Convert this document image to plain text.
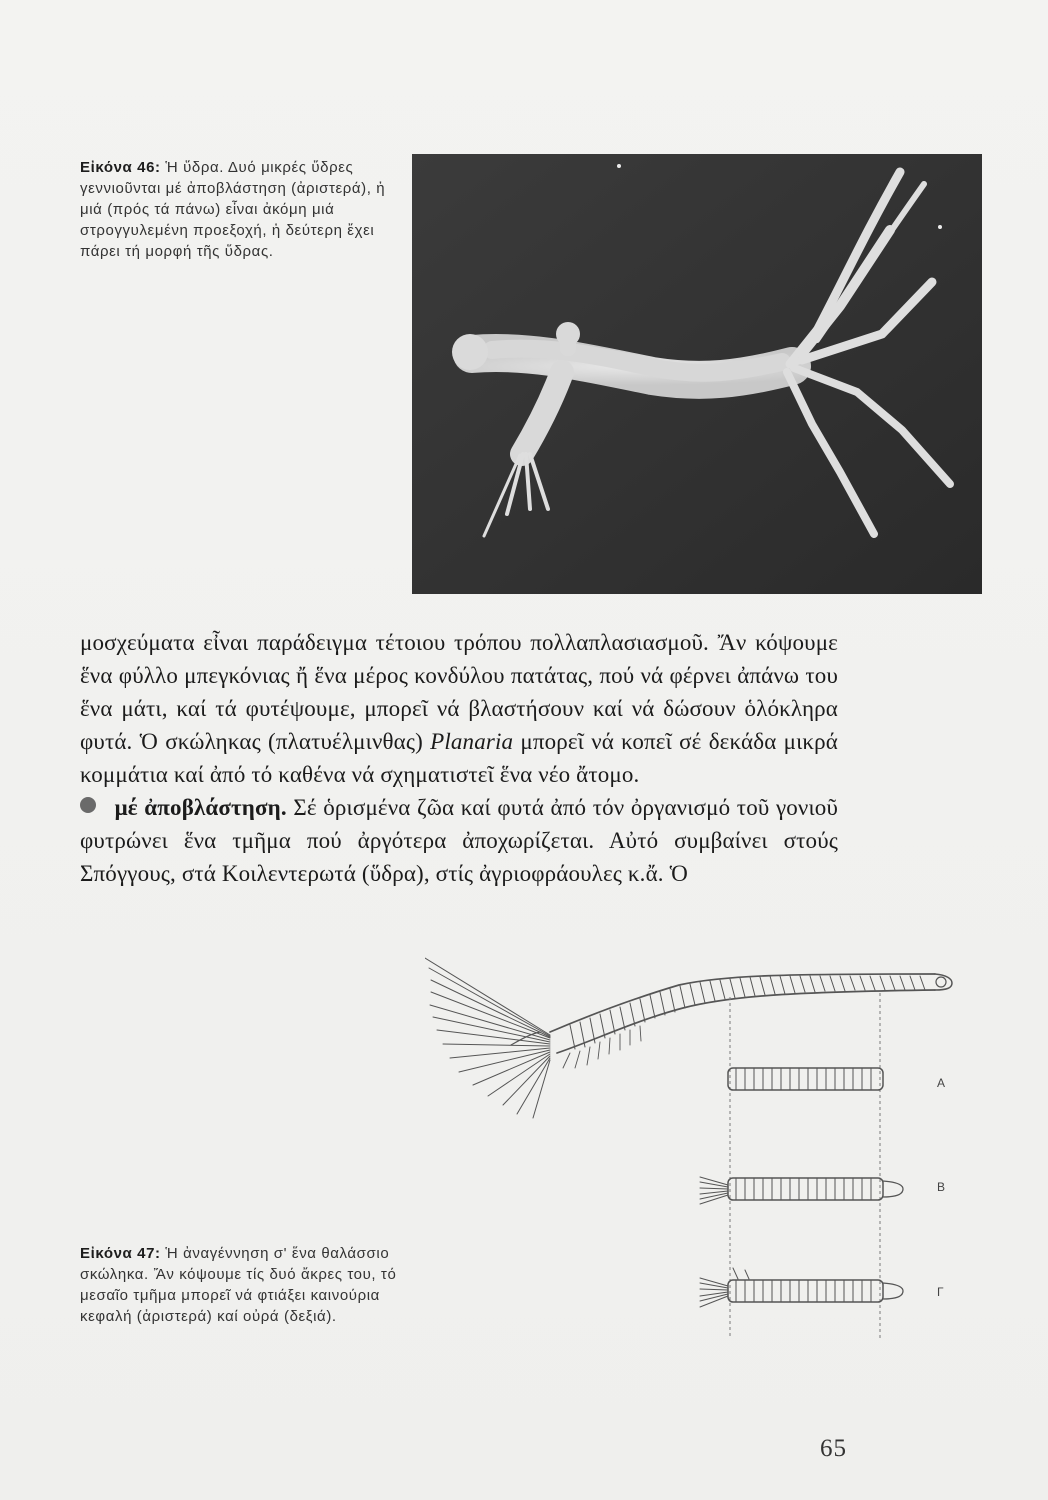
Εἰκόνα 46: Ἡ ὕδρα. Δυό μικρές ὕδρες γεννιοῦνται μέ ἀποβλάστηση (ἀριστερά), ἡ μιά (πρός τά πάνω) εἶναι ἀκόμη μιά στρογγυλεμένη προεξοχή, ἡ δεύτερη ἔχει πάρει τή μορφή τῆς ὕδρας.

μοσχεύματα εἶναι παράδειγμα τέτοιου τρόπου πολλαπλασιασμοῦ. Ἄν κόψουμε ἕνα φύλλο μπεγκόνιας ἤ ἕνα μέρος κονδύλου πατάτας, πού νά φέρνει ἀπάνω του ἕνα μάτι, καί τά φυτέψουμε, μπορεῖ νά βλαστήσουν καί νά δώσουν ὁλόκληρα φυτά. Ὁ σκώληκας (πλατυέλμινθας) Planaria μπορεῖ νά κοπεῖ σέ δεκάδα μικρά κομμάτια καί ἀπό τό καθένα νά σχηματιστεῖ ἕνα νέο ἄτομο.

μέ ἀποβλάστηση. Σέ ὁρισμένα ζῶα καί φυτά ἀπό τόν ὀργανισμό τοῦ γονιοῦ φυτρώνει ἕνα τμῆμα πού ἀργότερα ἀποχωρίζεται. Αὐτό συμβαίνει στούς Σπόγγους, στά Κοιλεντερωτά (ὕδρα), στίς ἀγριοφράουλες κ.ἄ. Ὁ

Εἰκόνα 47: Ἡ ἀναγέννηση σ' ἕνα θαλάσσιο σκώληκα. Ἄν κόψουμε τίς δυό ἄκρες του, τό μεσαῖο τμῆμα μπορεῖ νά φτιάξει καινούρια κεφαλή (ἀριστερά) καί οὐρά (δεξιά).
Α
Β
Γ
65
